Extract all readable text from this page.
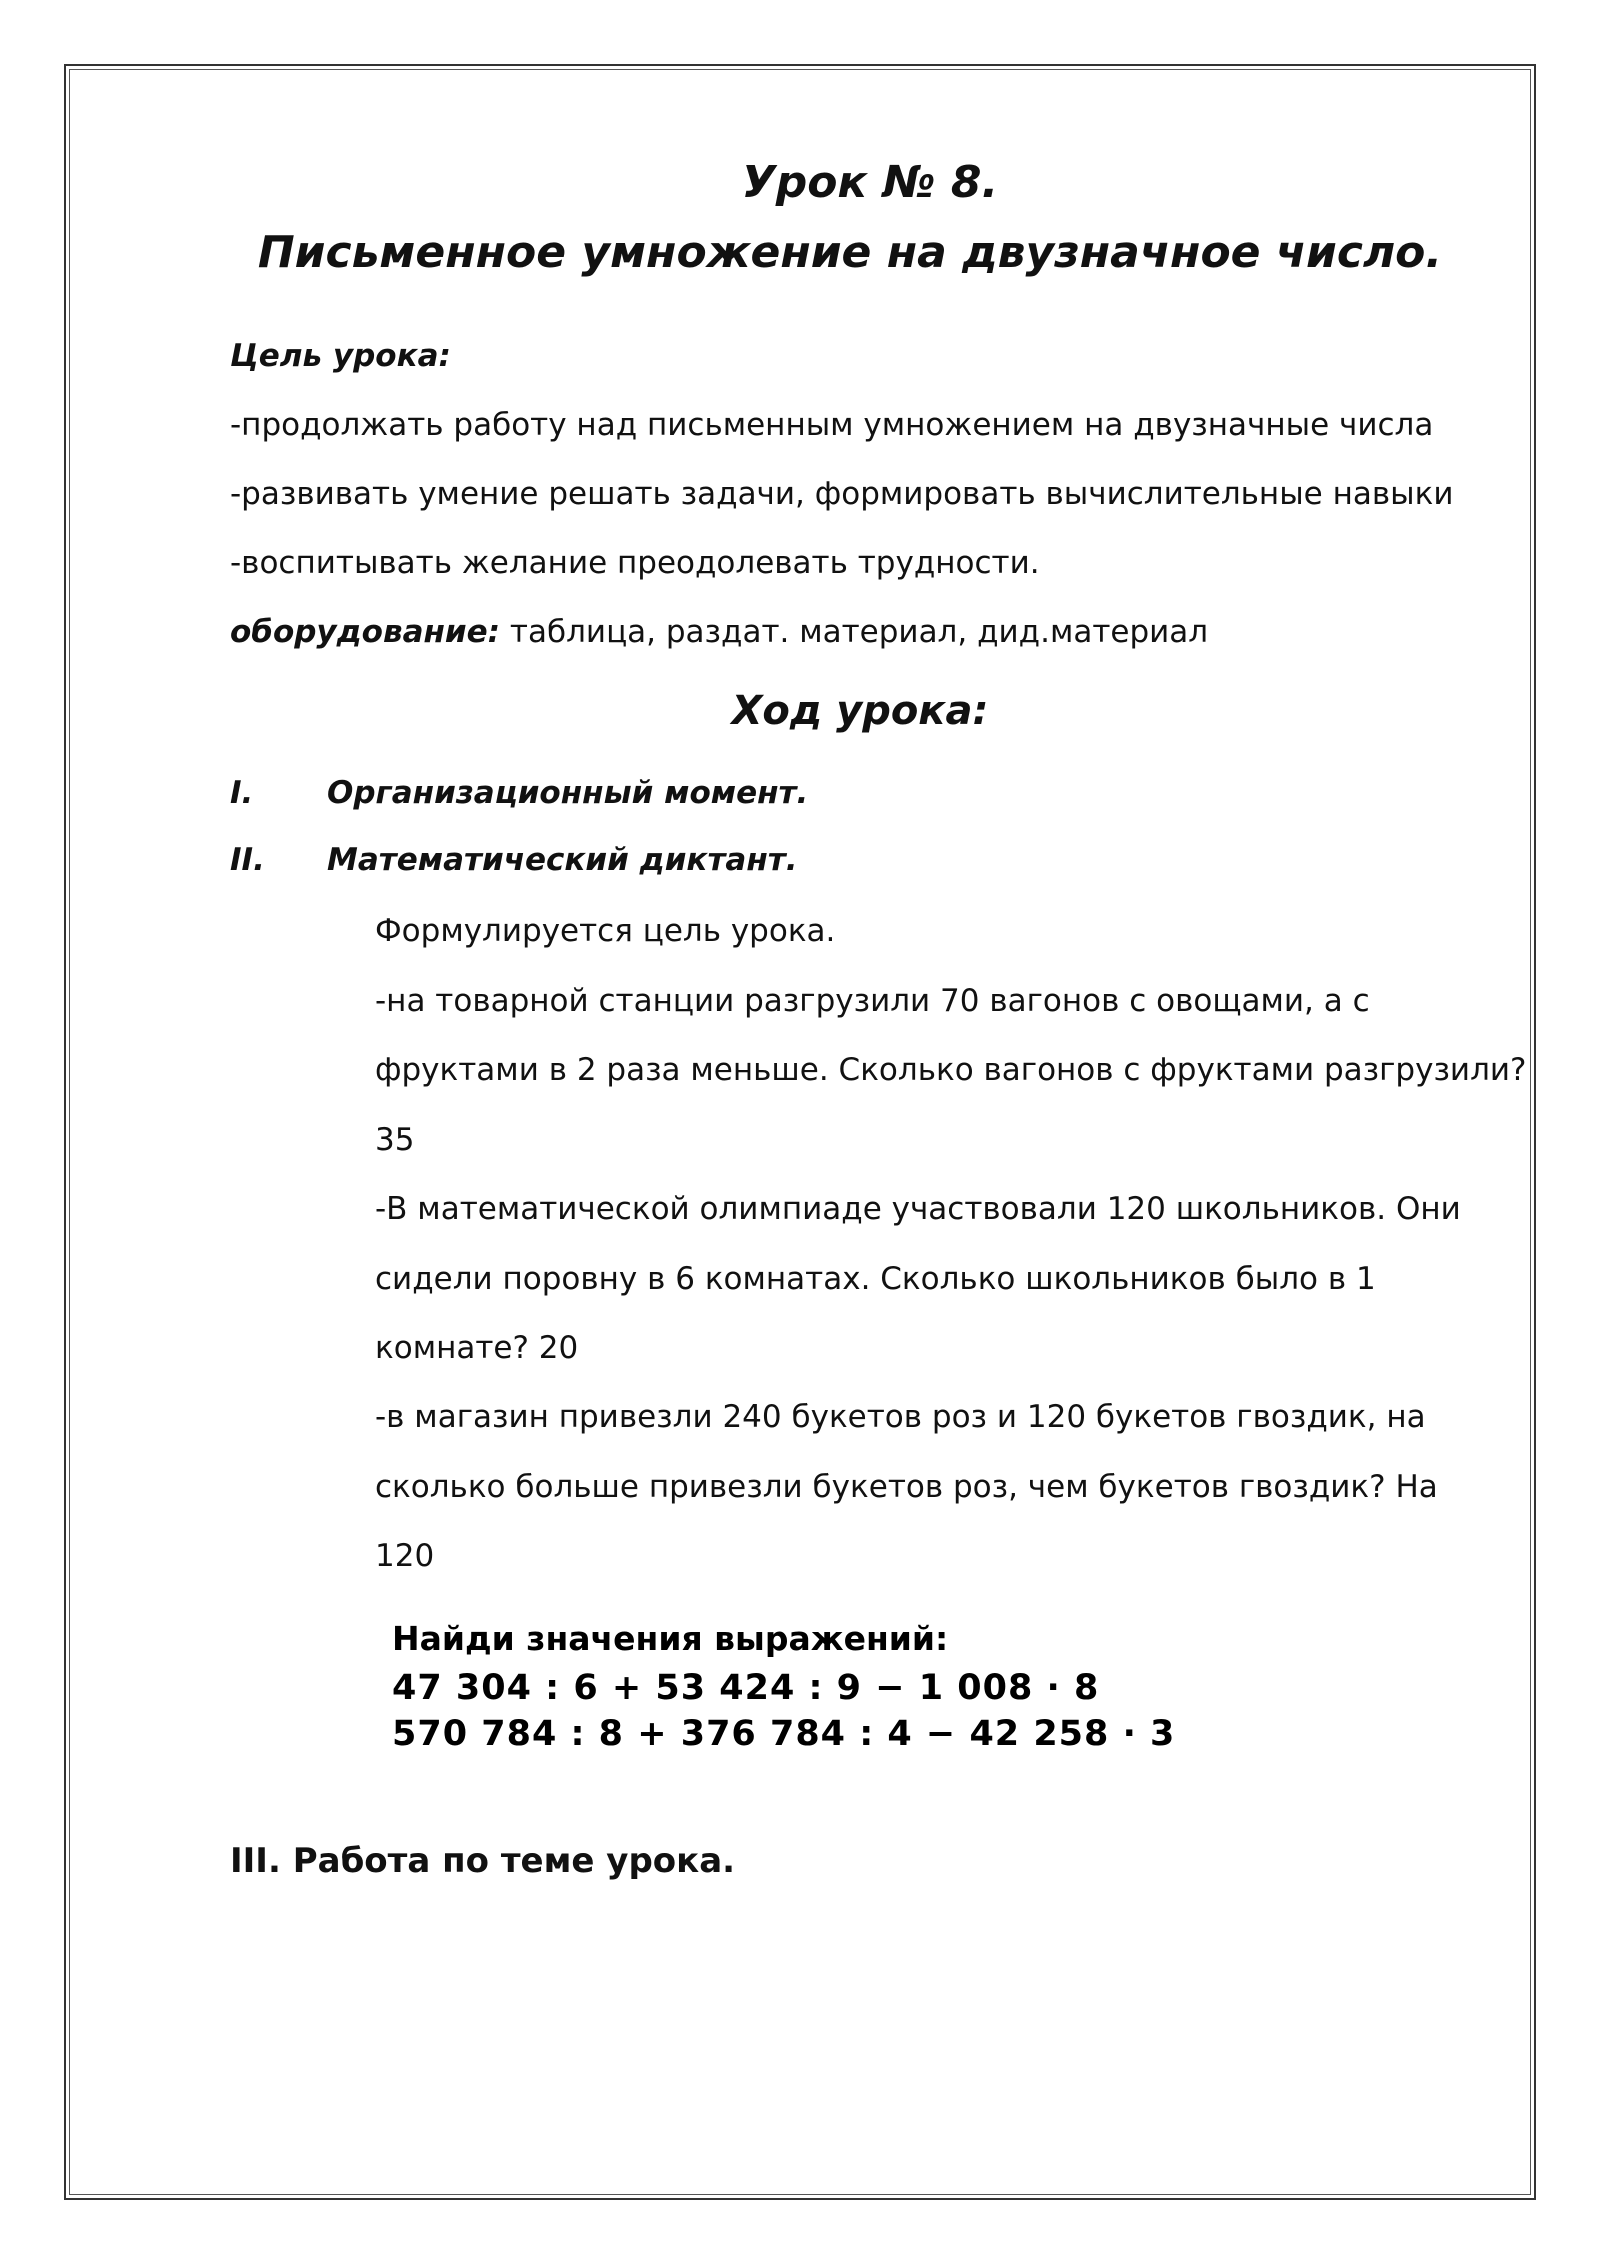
Урок № 8.
Письменное умножение на двузначное число.
Цель урока:
-продолжать работу над письменным умножением на двузначные числа
-развивать умение решать задачи, формировать вычислительные навыки
-воспитывать желание преодолевать трудности.
оборудование: таблица, раздат. материал, дид.материал
Ход урока:
I. Организационный момент.
II. Математический диктант.
Формулируется цель урока.
-на товарной станции разгрузили 70 вагонов с овощами, а с
фруктами в 2 раза меньше. Сколько вагонов с фруктами разгрузили?
35
-В математической олимпиаде участвовали 120 школьников. Они
сидели поровну в 6 комнатах. Сколько школьников было в 1
комнате? 20
-в магазин привезли 240 букетов роз и 120 букетов гвоздик, на
сколько больше привезли букетов роз, чем букетов гвоздик? На
120
Найди значения выражений:
47 304 : 6 + 53 424 : 9 − 1 008 · 8
570 784 : 8 + 376 784 : 4 − 42 258 · 3
III. Работа по теме урока.
